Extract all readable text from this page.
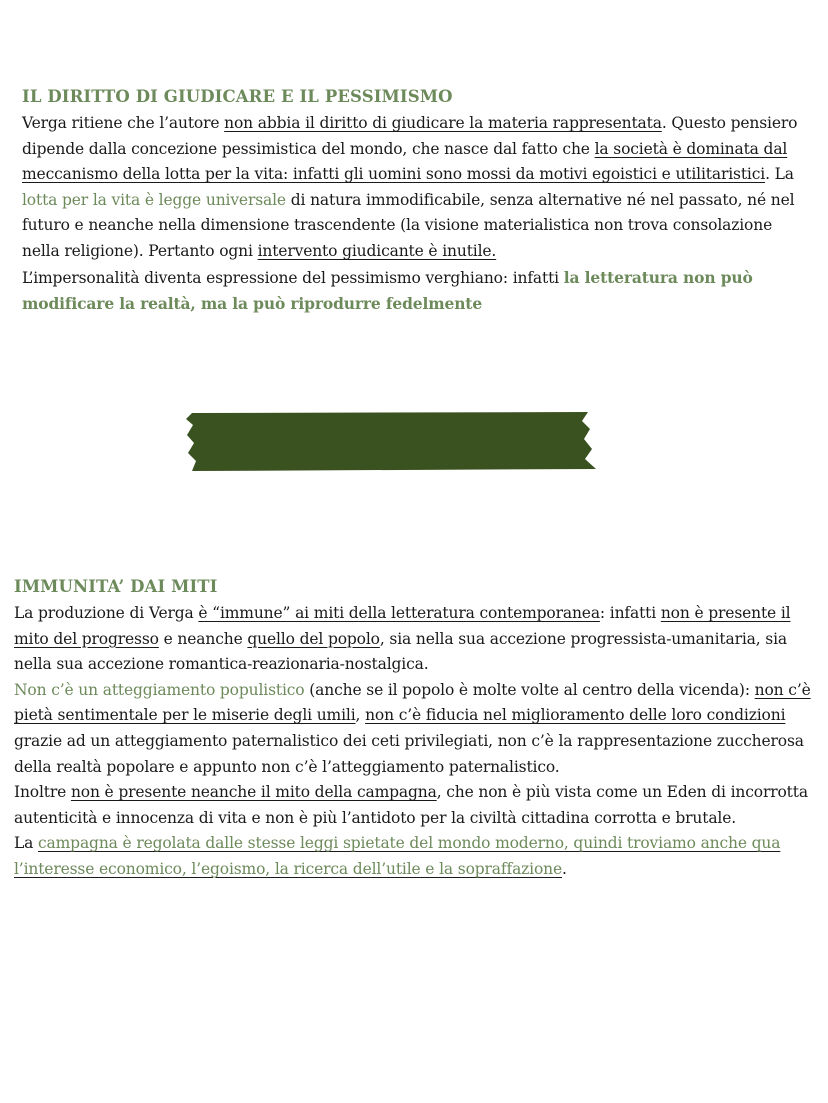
IL DIRITTO DI GIUDICARE E IL PESSIMISMO

Verga ritiene che l’autore non abbia il diritto di giudicare la materia rappresentata. Questo pensiero dipende dalla concezione pessimistica del mondo, che nasce dal fatto che la società è dominata dal meccanismo della lotta per la vita: infatti gli uomini sono mossi da motivi egoistici e utilitaristici. La lotta per la vita è legge universale di natura immodificabile, senza alternative né nel passato, né nel futuro e neanche nella dimensione trascendente (la visione materialistica non trova consolazione nella religione). Pertanto ogni intervento giudicante è inutile.

L’impersonalità diventa espressione del pessimismo verghiano: infatti la letteratura non può modificare la realtà, ma la può riprodurre fedelmente

IMMUNITA’ DAI MITI

La produzione di Verga è “immune” ai miti della letteratura contemporanea: infatti non è presente il mito del progresso e neanche quello del popolo, sia nella sua accezione progressista-umanitaria, sia nella sua accezione romantica-reazionaria-nostalgica.

Non c’è un atteggiamento populistico (anche se il popolo è molte volte al centro della vicenda): non c’è pietà sentimentale per le miserie degli umili, non c’è fiducia nel miglioramento delle loro condizioni grazie ad un atteggiamento paternalistico dei ceti privilegiati, non c’è la rappresentazione zuccherosa della realtà popolare e appunto non c’è l’atteggiamento paternalistico.

Inoltre non è presente neanche il mito della campagna, che non è più vista come un Eden di incorrotta autenticità e innocenza di vita e non è più l’antidoto per la civiltà cittadina corrotta e brutale.

La campagna è regolata dalle stesse leggi spietate del mondo moderno, quindi troviamo anche qua l’interesse economico, l’egoismo, la ricerca dell’utile e la sopraffazione.
